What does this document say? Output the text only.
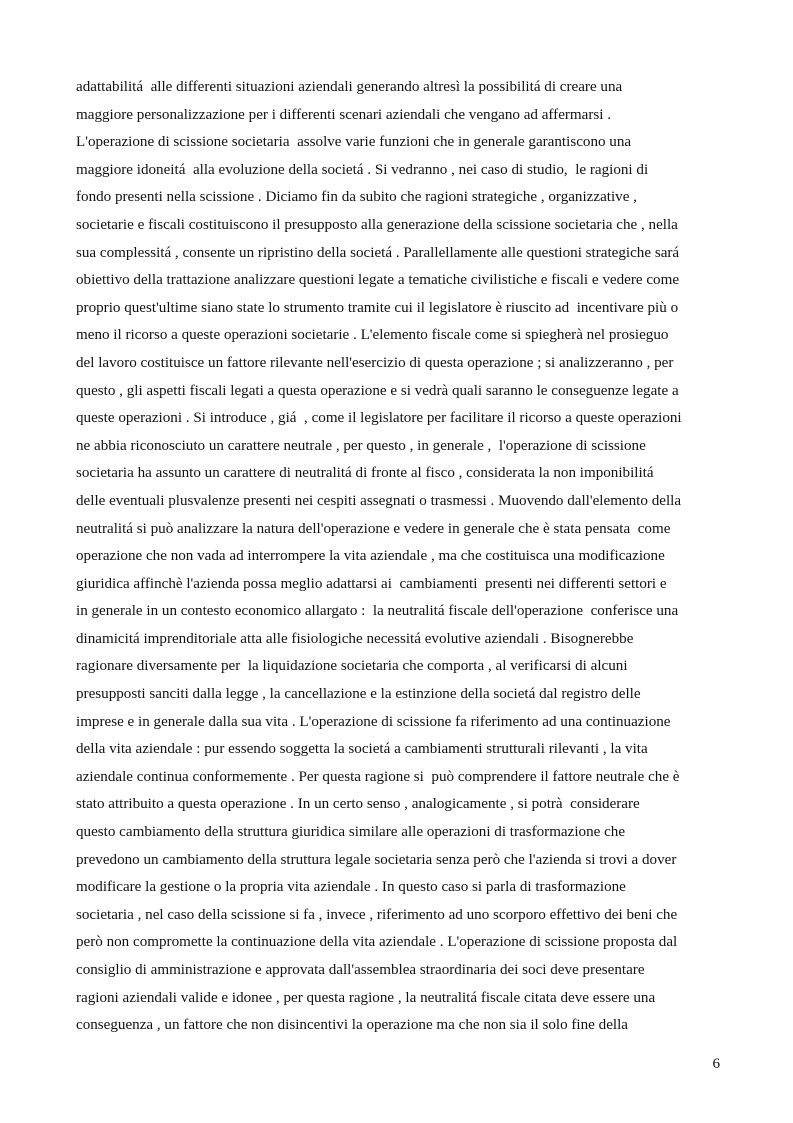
adattabilitá  alle differenti situazioni aziendali generando altresì la possibilitá di creare una
maggiore personalizzazione per i differenti scenari aziendali che vengano ad affermarsi .
L'operazione di scissione societaria  assolve varie funzioni che in generale garantiscono una
maggiore idoneitá  alla evoluzione della societá . Si vedranno , nei caso di studio,  le ragioni di
fondo presenti nella scissione . Diciamo fin da subito che ragioni strategiche , organizzative ,
societarie e fiscali costituiscono il presupposto alla generazione della scissione societaria che , nella
sua complessitá , consente un ripristino della societá . Parallellamente alle questioni strategiche sará
obiettivo della trattazione analizzare questioni legate a tematiche civilistiche e fiscali e vedere come
proprio quest'ultime siano state lo strumento tramite cui il legislatore è riuscito ad  incentivare più o
meno il ricorso a queste operazioni societarie . L'elemento fiscale come si spiegherà nel prosieguo
del lavoro costituisce un fattore rilevante nell'esercizio di questa operazione ; si analizzeranno , per
questo , gli aspetti fiscali legati a questa operazione e si vedrà quali saranno le conseguenze legate a
queste operazioni . Si introduce , giá  , come il legislatore per facilitare il ricorso a queste operazioni
ne abbia riconosciuto un carattere neutrale , per questo , in generale ,  l'operazione di scissione
societaria ha assunto un carattere di neutralitá di fronte al fisco , considerata la non imponibilitá
delle eventuali plusvalenze presenti nei cespiti assegnati o trasmessi . Muovendo dall'elemento della
neutralitá si può analizzare la natura dell'operazione e vedere in generale che è stata pensata  come
operazione che non vada ad interrompere la vita aziendale , ma che costituisca una modificazione
giuridica affinchè l'azienda possa meglio adattarsi ai  cambiamenti  presenti nei differenti settori e
in generale in un contesto economico allargato :  la neutralitá fiscale dell'operazione  conferisce una
dinamicitá imprenditoriale atta alle fisiologiche necessitá evolutive aziendali . Bisognerebbe
ragionare diversamente per  la liquidazione societaria che comporta , al verificarsi di alcuni
presupposti sanciti dalla legge , la cancellazione e la estinzione della societá dal registro delle
imprese e in generale dalla sua vita . L'operazione di scissione fa riferimento ad una continuazione
della vita aziendale : pur essendo soggetta la societá a cambiamenti strutturali rilevanti , la vita
aziendale continua conformemente . Per questa ragione si  può comprendere il fattore neutrale che è
stato attribuito a questa operazione . In un certo senso , analogicamente , si potrà  considerare
questo cambiamento della struttura giuridica similare alle operazioni di trasformazione che
prevedono un cambiamento della struttura legale societaria senza però che l'azienda si trovi a dover
modificare la gestione o la propria vita aziendale . In questo caso si parla di trasformazione
societaria , nel caso della scissione si fa , invece , riferimento ad uno scorporo effettivo dei beni che
però non compromette la continuazione della vita aziendale . L'operazione di scissione proposta dal
consiglio di amministrazione e approvata dall'assemblea straordinaria dei soci deve presentare
ragioni aziendali valide e idonee , per questa ragione , la neutralitá fiscale citata deve essere una
conseguenza , un fattore che non disincentivi la operazione ma che non sia il solo fine della
6
